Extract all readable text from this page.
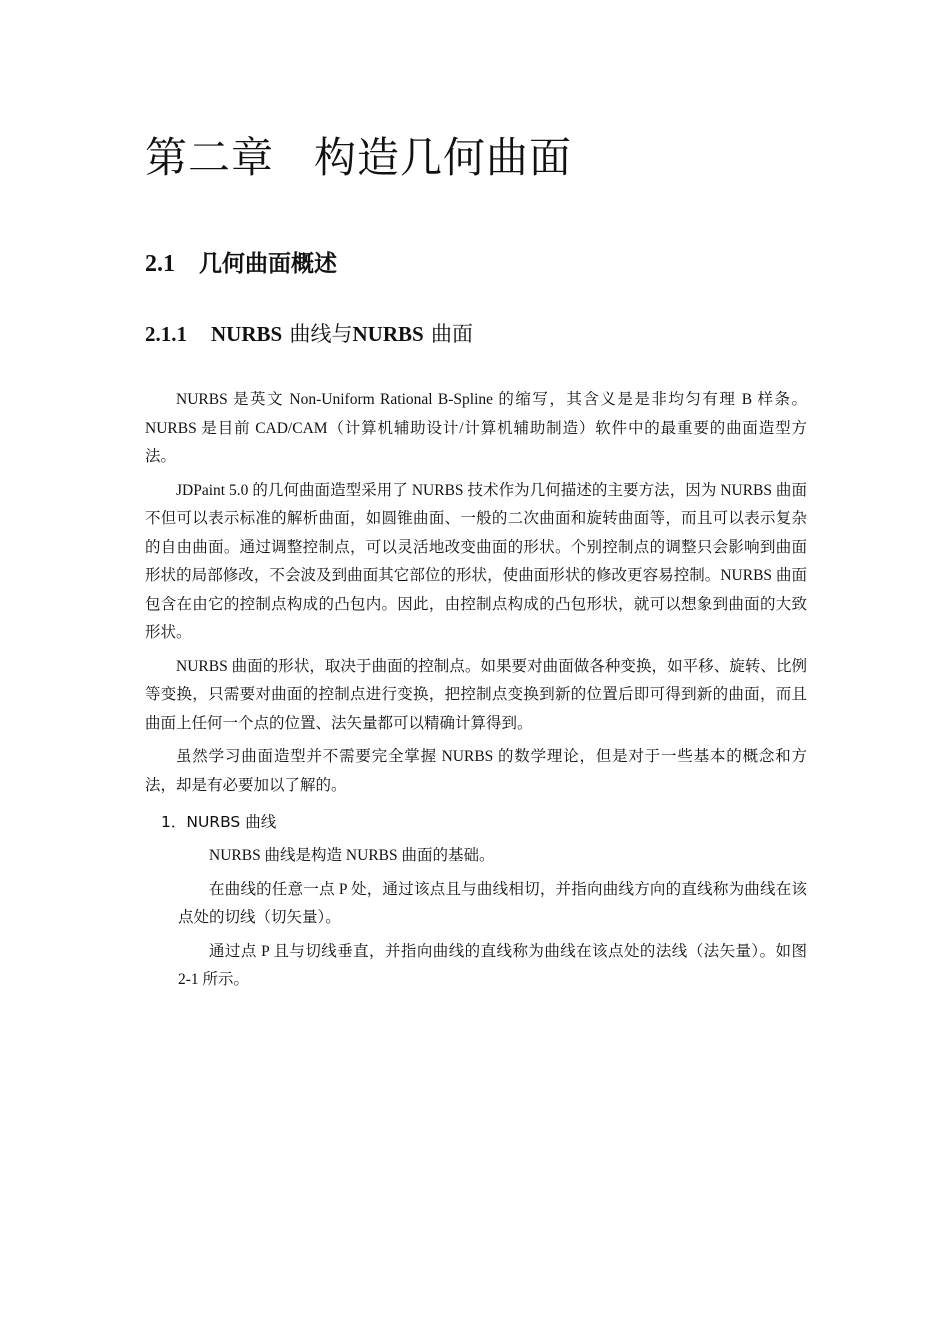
第二章 构造几何曲面
2.1 几何曲面概述
2.1.1 NURBS 曲线与NURBS 曲面

NURBS 是英文 Non-Uniform Rational B-Spline 的缩写，其含义是是非均匀有理 B 样条。NURBS 是目前 CAD/CAM（计算机辅助设计/计算机辅助制造）软件中的最重要的曲面造型方法。

JDPaint 5.0 的几何曲面造型采用了 NURBS 技术作为几何描述的主要方法，因为 NURBS 曲面不但可以表示标准的解析曲面，如圆锥曲面、一般的二次曲面和旋转曲面等，而且可以表示复杂的自由曲面。通过调整控制点，可以灵活地改变曲面的形状。个别控制点的调整只会影响到曲面形状的局部修改，不会波及到曲面其它部位的形状，使曲面形状的修改更容易控制。NURBS 曲面包含在由它的控制点构成的凸包内。因此，由控制点构成的凸包形状，就可以想象到曲面的大致形状。

NURBS 曲面的形状，取决于曲面的控制点。如果要对曲面做各种变换，如平移、旋转、比例等变换，只需要对曲面的控制点进行变换，把控制点变换到新的位置后即可得到新的曲面，而且曲面上任何一个点的位置、法矢量都可以精确计算得到。

虽然学习曲面造型并不需要完全掌握 NURBS 的数学理论，但是对于一些基本的概念和方法，却是有必要加以了解的。

1．NURBS 曲线

NURBS 曲线是构造 NURBS 曲面的基础。

在曲线的任意一点 P 处，通过该点且与曲线相切，并指向曲线方向的直线称为曲线在该点处的切线（切矢量）。

通过点 P 且与切线垂直，并指向曲线的直线称为曲线在该点处的法线（法矢量）。如图 2-1 所示。
